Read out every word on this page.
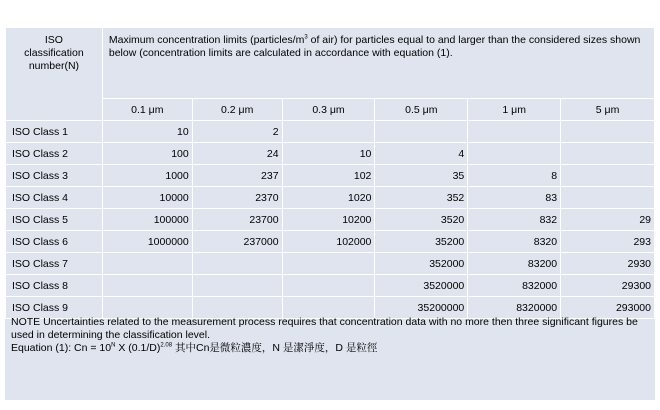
ISO
classification
number(N)	Maximum concentration limits ($particles/m^3$ of air) for particles equal to and larger than the considered sizes shown below (concentration limits are calculated in accordance with equation (1).					
	0.1 μm	0.2 μm	0.3 μm	0.5 μm	1 μm	5 μm
ISO Class 1	10	2				
ISO Class 2	100	24	10	4		
ISO Class 3	1000	237	102	35	8	
ISO Class 4	10000	2370	1020	352	83	
ISO Class 5	100000	23700	10200	3520	832	29
ISO Class 6	1000000	237000	102000	35200	8320	293
ISO Class 7				352000	83200	2930
ISO Class 8				3520000	832000	29300
ISO Class 9				35200000	8320000	293000
NOTE Uncertainties related to the measurement process requires that concentration data with no more then three significant figures be used in determining the classification level.
Equation (1): $Cn = 10^N$ X $(0.1/D)^{2.08}$ 其中Cn是微粒濃度，N 是潔淨度，D 是粒徑
